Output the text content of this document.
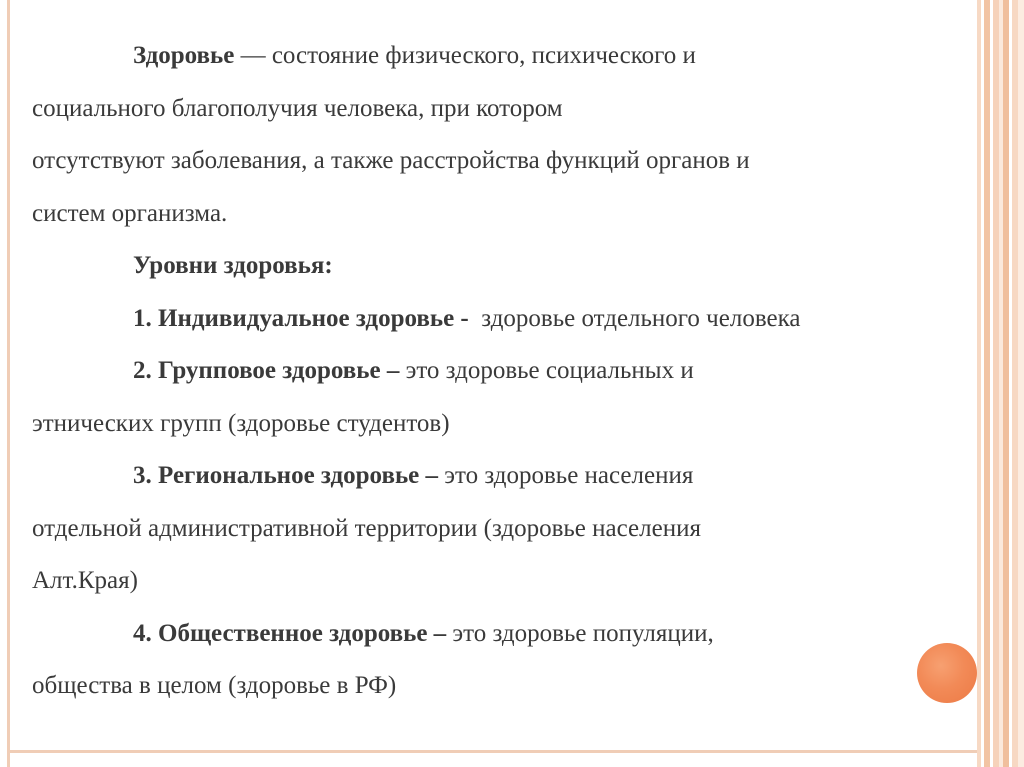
Здоровье — состояние физического, психического и

социального благополучия человека, при котором

отсутствуют заболевания, а также расстройства функций органов и

систем организма.

Уровни здоровья:

1. Индивидуальное здоровье -  здоровье отдельного человека

2. Групповое здоровье – это здоровье социальных и

этнических групп (здоровье студентов)

3. Региональное здоровье – это здоровье населения

отдельной административной территории (здоровье населения

Алт.Края)

4. Общественное здоровье – это здоровье популяции,

общества в целом (здоровье в РФ)
